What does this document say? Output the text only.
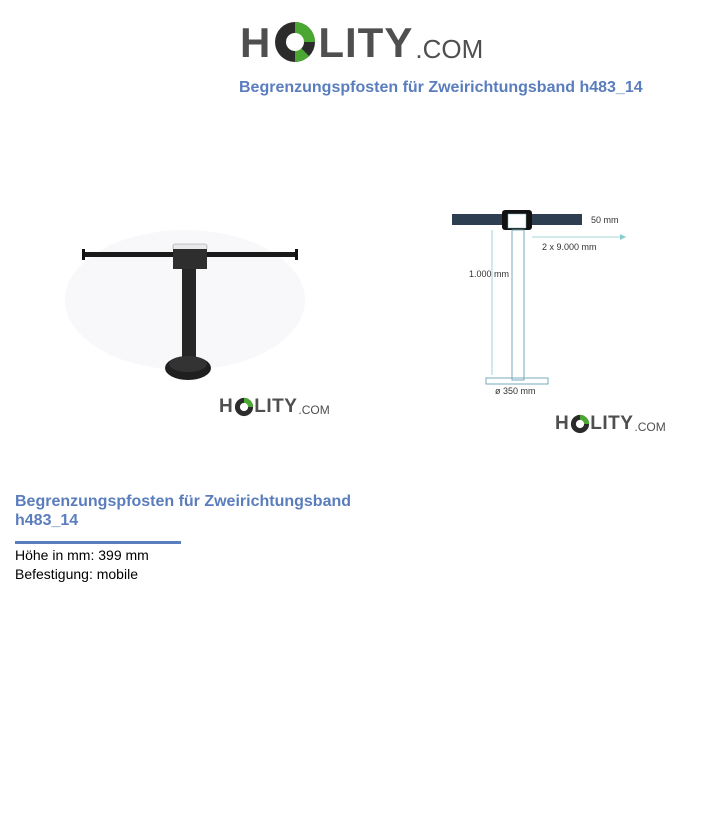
H LITY .COM
Begrenzungspfosten für Zweirichtungsband h483_14
H LITY .COM
50 mm
2 x 9.000 mm
1.000 mm
ø 350 mm
H LITY .COM
Begrenzungspfosten für Zweirichtungsband h483_14
Höhe in mm: 399 mm
Befestigung: mobile
